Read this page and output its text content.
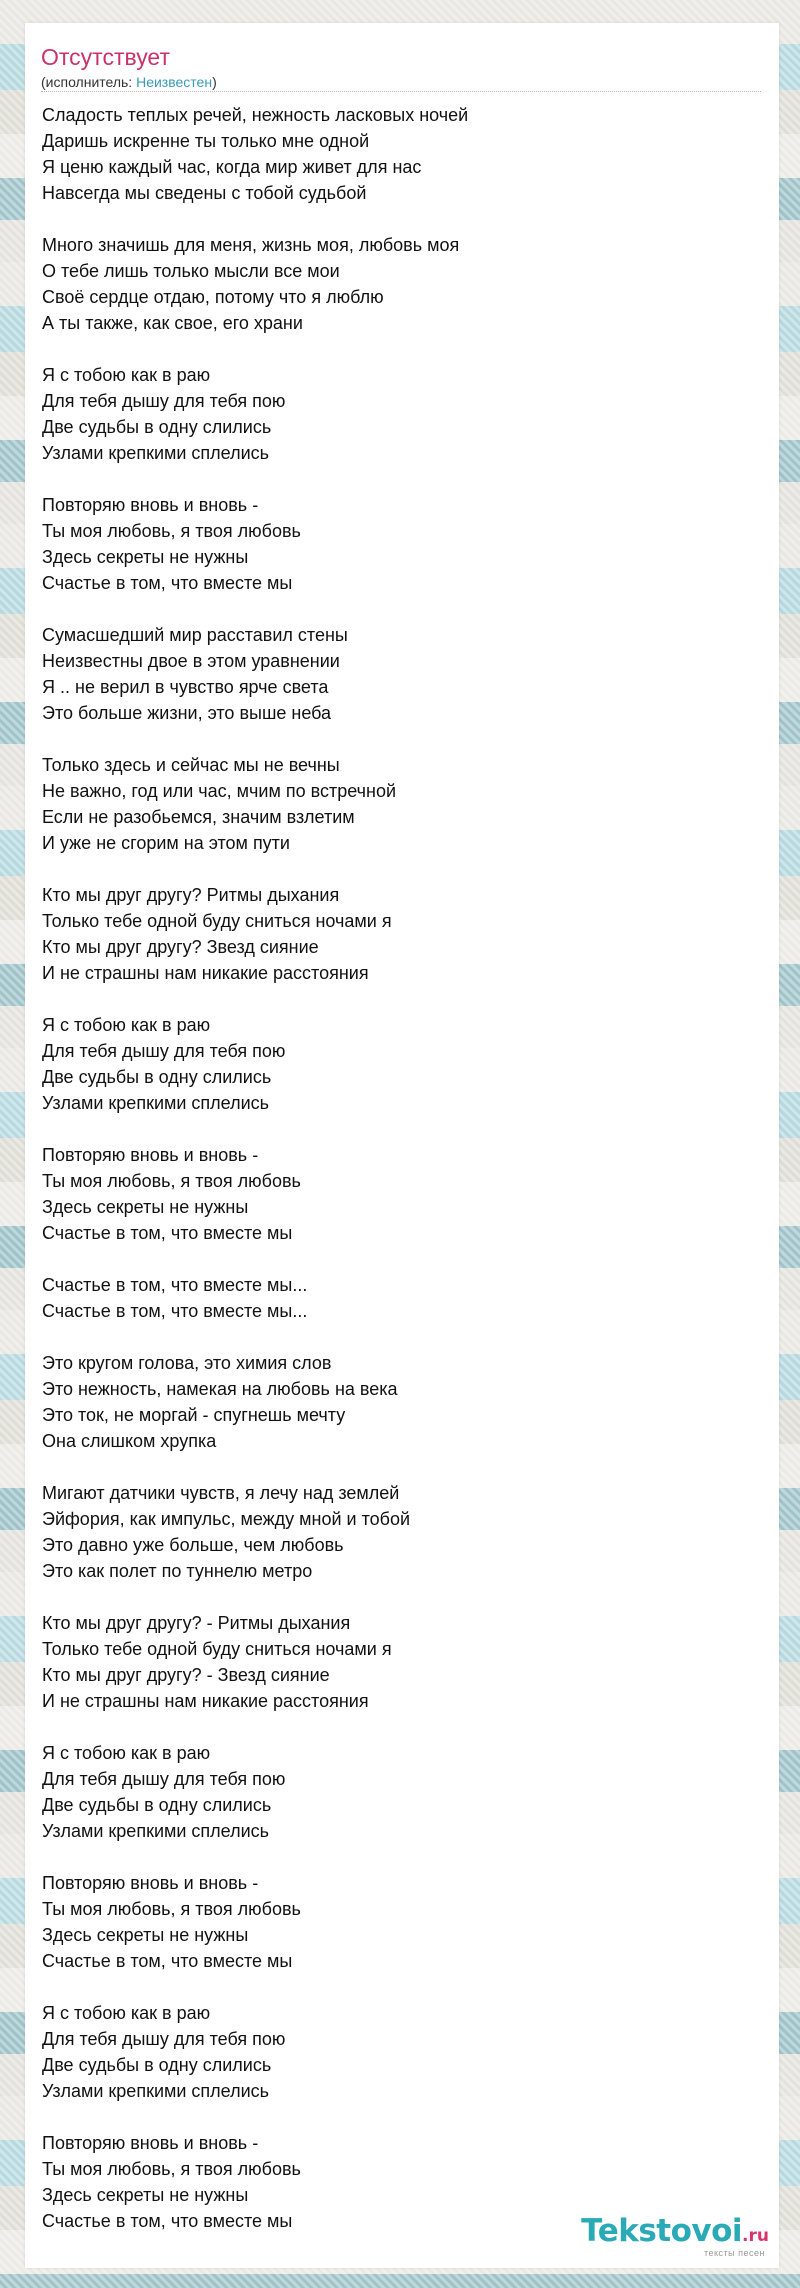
Отсутствует
(исполнитель: Неизвестен)
Сладость теплых речей, нежность ласковых ночей
Даришь искренне ты только мне одной
Я ценю каждый час, когда мир живет для нас
Навсегда мы сведены с тобой судьбой
Много значишь для меня, жизнь моя, любовь моя
О тебе лишь только мысли все мои
Своё сердце отдаю, потому что я люблю
А ты также, как свое, его храни
Я с тобою как в раю
Для тебя дышу для тебя пою
Две судьбы в одну слились
Узлами крепкими сплелись
Повторяю вновь и вновь -
Ты моя любовь, я твоя любовь
Здесь секреты не нужны
Счастье в том, что вместе мы
Сумасшедший мир расставил стены
Неизвестны двое в этом уравнении
Я .. не верил в чувство ярче света
Это больше жизни, это выше неба
Только здесь и сейчас мы не вечны
Не важно, год или час, мчим по встречной
Если не разобьемся, значим взлетим
И уже не сгорим на этом пути
Кто мы друг другу? Ритмы дыхания
Только тебе одной буду сниться ночами я
Кто мы друг другу? Звезд сияние
И не страшны нам никакие расстояния
Я с тобою как в раю
Для тебя дышу для тебя пою
Две судьбы в одну слились
Узлами крепкими сплелись
Повторяю вновь и вновь -
Ты моя любовь, я твоя любовь
Здесь секреты не нужны
Счастье в том, что вместе мы
Счастье в том, что вместе мы...
Счастье в том, что вместе мы...
Это кругом голова, это химия слов
Это нежность, намекая на любовь на века
Это ток, не моргай - спугнешь мечту
Она слишком хрупка
Мигают датчики чувств, я лечу над землей
Эйфория, как импульс, между мной и тобой
Это давно уже больше, чем любовь
Это как полет по туннелю метро
Кто мы друг другу? - Ритмы дыхания
Только тебе одной буду сниться ночами я
Кто мы друг другу? - Звезд сияние
И не страшны нам никакие расстояния
Я с тобою как в раю
Для тебя дышу для тебя пою
Две судьбы в одну слились
Узлами крепкими сплелись
Повторяю вновь и вновь -
Ты моя любовь, я твоя любовь
Здесь секреты не нужны
Счастье в том, что вместе мы
Я с тобою как в раю
Для тебя дышу для тебя пою
Две судьбы в одну слились
Узлами крепкими сплелись
Повторяю вновь и вновь -
Ты моя любовь, я твоя любовь
Здесь секреты не нужны
Счастье в том, что вместе мы	Tekstovoi.ru
тексты песен
